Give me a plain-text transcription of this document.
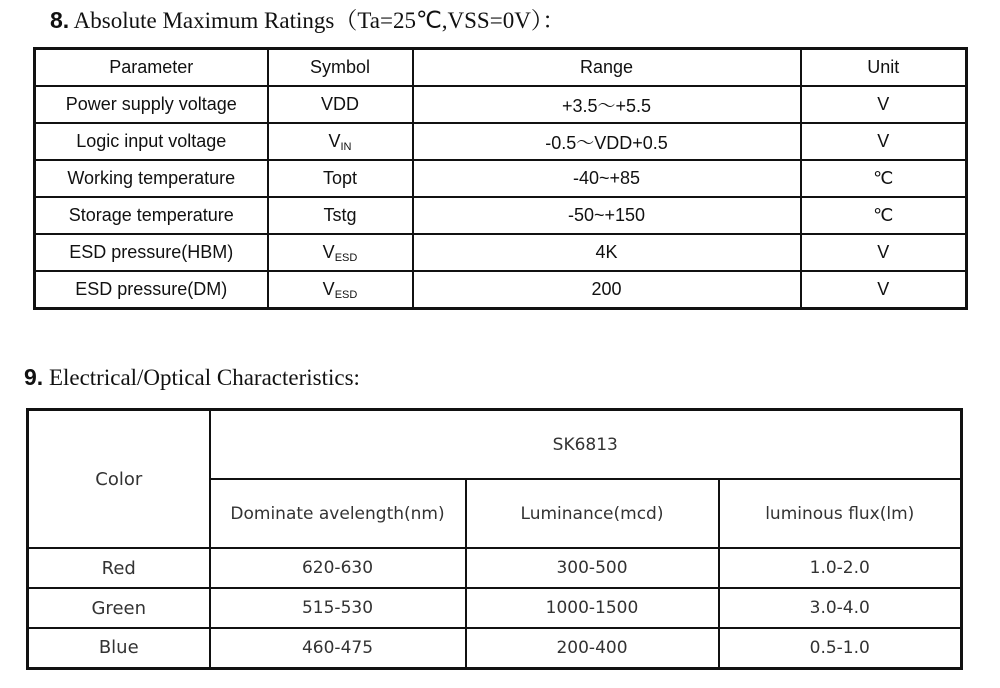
8. Absolute Maximum Ratings（Ta=25℃,VSS=0V）：
Parameter	Symbol	Range	Unit
Power supply voltage	VDD	+3.5～+5.5	V
Logic input voltage	$V_{IN}$	-0.5～VDD+0.5	V
Working temperature	Topt	-40~+85	℃
Storage temperature	Tstg	-50~+150	℃
ESD pressure(HBM)	$V_{ESD}$	4K	V
ESD pressure(DM)	$V_{ESD}$	200	V
9. Electrical/Optical Characteristics:
Color	SK6813		
	Dominate avelength(nm)	Luminance(mcd)	luminous flux(lm)
Red	620-630	300-500	1.0-2.0
Green	515-530	1000-1500	3.0-4.0
Blue	460-475	200-400	0.5-1.0
